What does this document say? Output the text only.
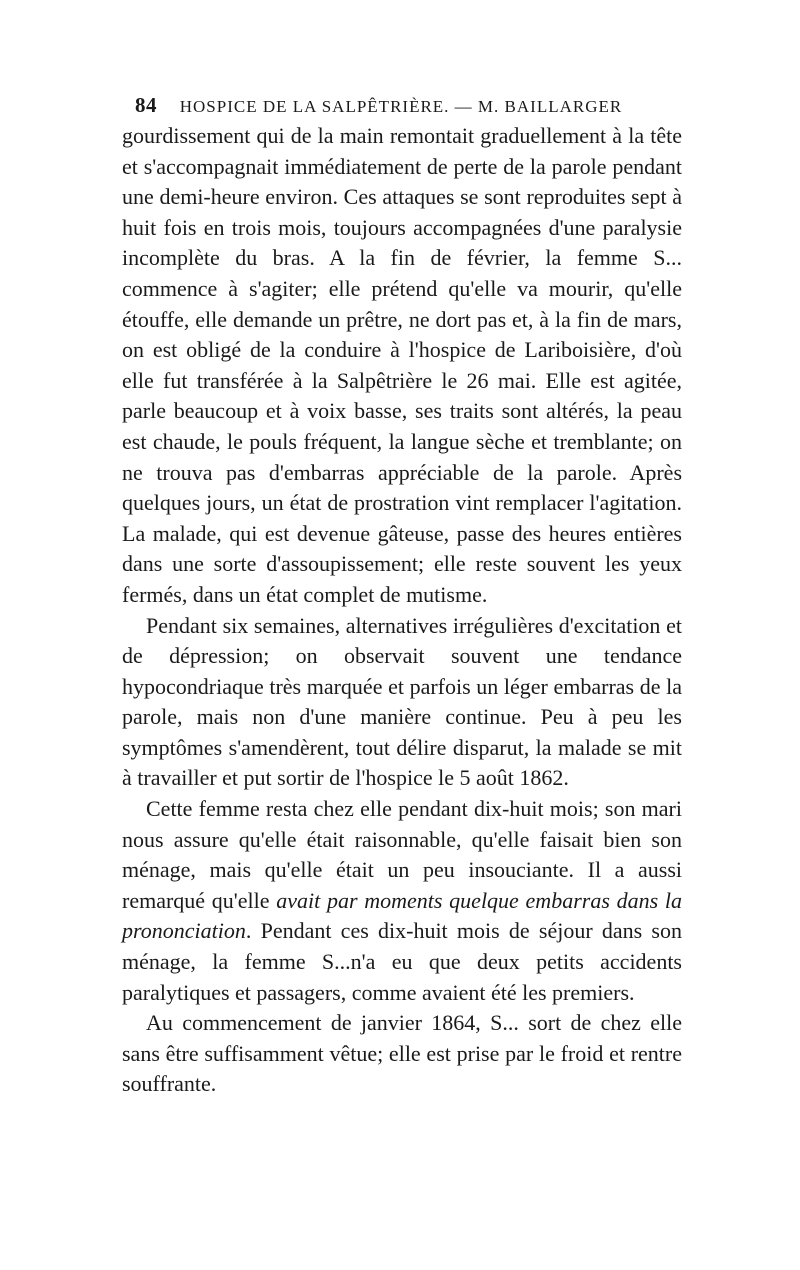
84 HOSPICE DE LA SALPÊTRIÈRE. — M. BAILLARGER

gourdissement qui de la main remontait graduellement à la tête et s'accompagnait immédiatement de perte de la parole pendant une demi-heure environ. Ces attaques se sont reproduites sept à huit fois en trois mois, toujours accompagnées d'une paralysie incomplète du bras. A la fin de février, la femme S... commence à s'agiter; elle prétend qu'elle va mourir, qu'elle étouffe, elle demande un prêtre, ne dort pas et, à la fin de mars, on est obligé de la conduire à l'hospice de Lariboisière, d'où elle fut transférée à la Salpêtrière le 26 mai. Elle est agitée, parle beaucoup et à voix basse, ses traits sont altérés, la peau est chaude, le pouls fréquent, la langue sèche et tremblante; on ne trouva pas d'embarras appréciable de la parole. Après quelques jours, un état de prostration vint remplacer l'agitation. La malade, qui est devenue gâteuse, passe des heures entières dans une sorte d'assoupissement; elle reste souvent les yeux fermés, dans un état complet de mutisme.

Pendant six semaines, alternatives irrégulières d'excitation et de dépression; on observait souvent une tendance hypocondriaque très marquée et parfois un léger embarras de la parole, mais non d'une manière continue. Peu à peu les symptômes s'amendèrent, tout délire disparut, la malade se mit à travailler et put sortir de l'hospice le 5 août 1862.

Cette femme resta chez elle pendant dix-huit mois; son mari nous assure qu'elle était raisonnable, qu'elle faisait bien son ménage, mais qu'elle était un peu insouciante. Il a aussi remarqué qu'elle avait par moments quelque embarras dans la prononciation. Pendant ces dix-huit mois de séjour dans son ménage, la femme S...n'a eu que deux petits accidents paralytiques et passagers, comme avaient été les premiers.

Au commencement de janvier 1864, S... sort de chez elle sans être suffisamment vêtue; elle est prise par le froid et rentre souffrante.
